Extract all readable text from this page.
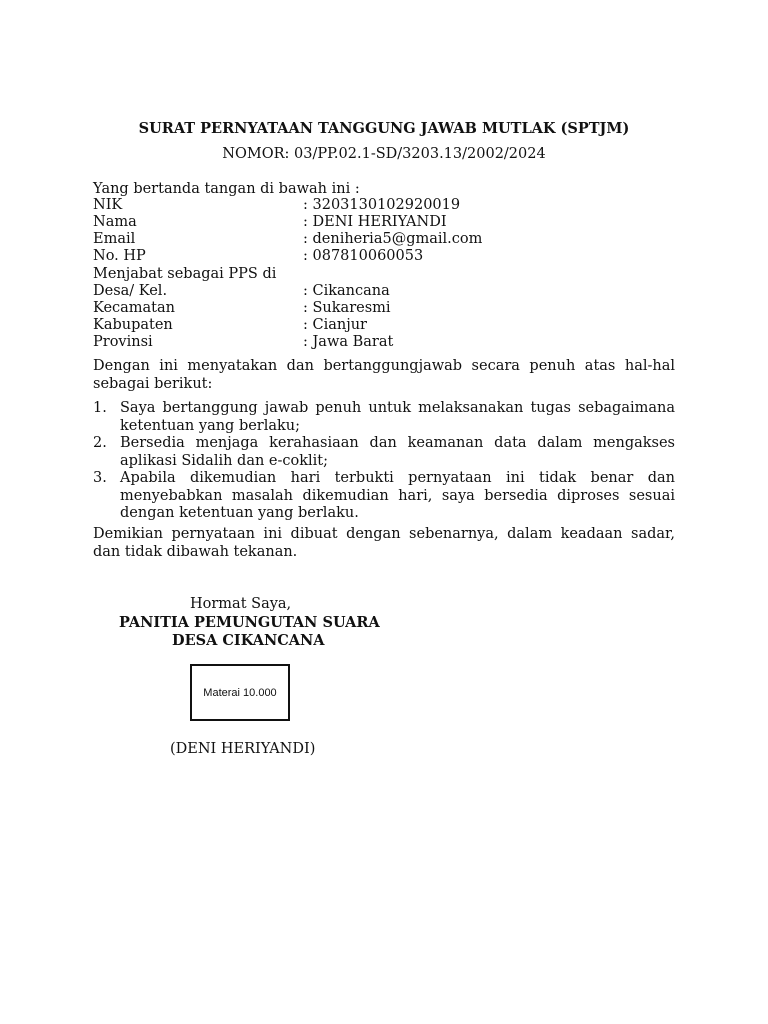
SURAT PERNYATAAN TANGGUNG JAWAB MUTLAK (SPTJM)
NOMOR: 03/PP.02.1-SD/3203.13/2002/2024
Yang bertanda tangan di bawah ini :
NIK	: 3203130102920019
Nama	: DENI HERIYANDI
Email	: deniheria5@gmail.com
No. HP	: 087810060053
Menjabat sebagai PPS di
Desa/ Kel.	: Cikancana
Kecamatan	: Sukaresmi
Kabupaten	: Cianjur
Provinsi	: Jawa Barat
Dengan ini menyatakan dan bertanggungjawab secara penuh atas hal-hal sebagai berikut:
1. Saya bertanggung jawab penuh untuk melaksanakan tugas sebagaimana ketentuan yang berlaku;
2. Bersedia menjaga kerahasiaan dan keamanan data dalam mengakses aplikasi Sidalih dan e-coklit;
3. Apabila dikemudian hari terbukti pernyataan ini tidak benar dan menyebabkan masalah dikemudian hari, saya bersedia diproses sesuai dengan ketentuan yang berlaku.
Demikian pernyataan ini dibuat dengan sebenarnya, dalam keadaan sadar, dan tidak dibawah tekanan.
Hormat Saya,
PANITIA PEMUNGUTAN SUARA
DESA CIKANCANA
Materai 10.000
(DENI HERIYANDI)
